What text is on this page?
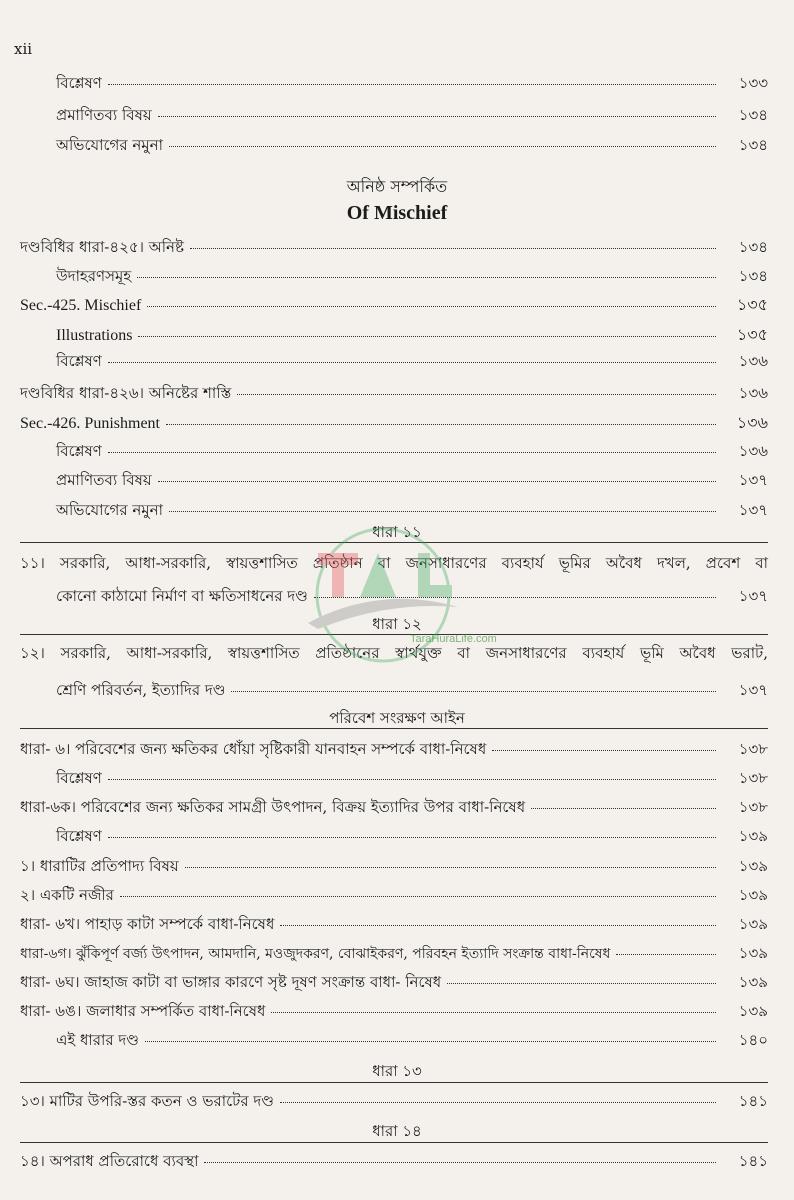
xii
বিশ্লেষণ	১৩৩
প্রমাণিতব্য বিষয়	১৩৪
অভিযোগের নমুনা	১৩৪
অনিষ্ঠ সম্পর্কিত
Of Mischief
দণ্ডবিধির ধারা-৪২৫। অনিষ্ট	১৩৪
উদাহরণসমূহ	১৩৪
Sec.-425. Mischief	১৩৫
Illustrations	১৩৫
বিশ্লেষণ	১৩৬
দণ্ডবিধির ধারা-৪২৬। অনিষ্টের শাস্তি	১৩৬
Sec.-426. Punishment	১৩৬
বিশ্লেষণ	১৩৬
প্রমাণিতব্য বিষয়	১৩৭
অভিযোগের নমুনা	১৩৭
ধারা ১১
১১। সরকারি, আধা-সরকারি, স্বায়ত্তশাসিত প্রতিষ্ঠান বা জনসাধারণের ব্যবহার্য ভূমির অবৈধ দখল, প্রবেশ বা
কোনো কাঠামো নির্মাণ বা ক্ষতিসাধনের দণ্ড	১৩৭
ধারা ১২
১২। সরকারি, আধা-সরকারি, স্বায়ত্তশাসিত প্রতিষ্ঠানের স্বার্থযুক্ত বা জনসাধারণের ব্যবহার্য ভূমি অবৈধ ভরাট,
শ্রেণি পরিবর্তন, ইত্যাদির দণ্ড	১৩৭
পরিবেশ সংরক্ষণ আইন
ধারা- ৬। পরিবেশের জন্য ক্ষতিকর ধোঁয়া সৃষ্টিকারী যানবাহন সম্পর্কে বাধা-নিষেধ	১৩৮
বিশ্লেষণ	১৩৮
ধারা-৬ক। পরিবেশের জন্য ক্ষতিকর সামগ্রী উৎপাদন, বিক্রয় ইত্যাদির উপর বাধা-নিষেধ	১৩৮
বিশ্লেষণ	১৩৯
১। ধারাটির প্রতিপাদ্য বিষয়	১৩৯
২। একটি নজীর	১৩৯
ধারা- ৬খ। পাহাড় কাটা সম্পর্কে বাধা-নিষেধ	১৩৯
ধারা-৬গ। ঝুঁকিপূর্ণ বর্জ্য উৎপাদন, আমদানি, মওজুদকরণ, বোঝাইকরণ, পরিবহন ইত্যাদি সংক্রান্ত বাধা-নিষেধ	১৩৯
ধারা- ৬ঘ। জাহাজ কাটা বা ভাঙ্গার কারণে সৃষ্ট দূষণ সংক্রান্ত বাধা- নিষেধ	১৩৯
ধারা- ৬ঙ। জলাধার সম্পর্কিত বাধা-নিষেধ	১৩৯
এই ধারার দণ্ড	১৪০
ধারা ১৩
১৩। মাটির উপরি-স্তর কতন ও ভরাটের দণ্ড	১৪১
ধারা ১৪
১৪। অপরাধ প্রতিরোধে ব্যবস্থা	১৪১
TaraHuraLife.com
